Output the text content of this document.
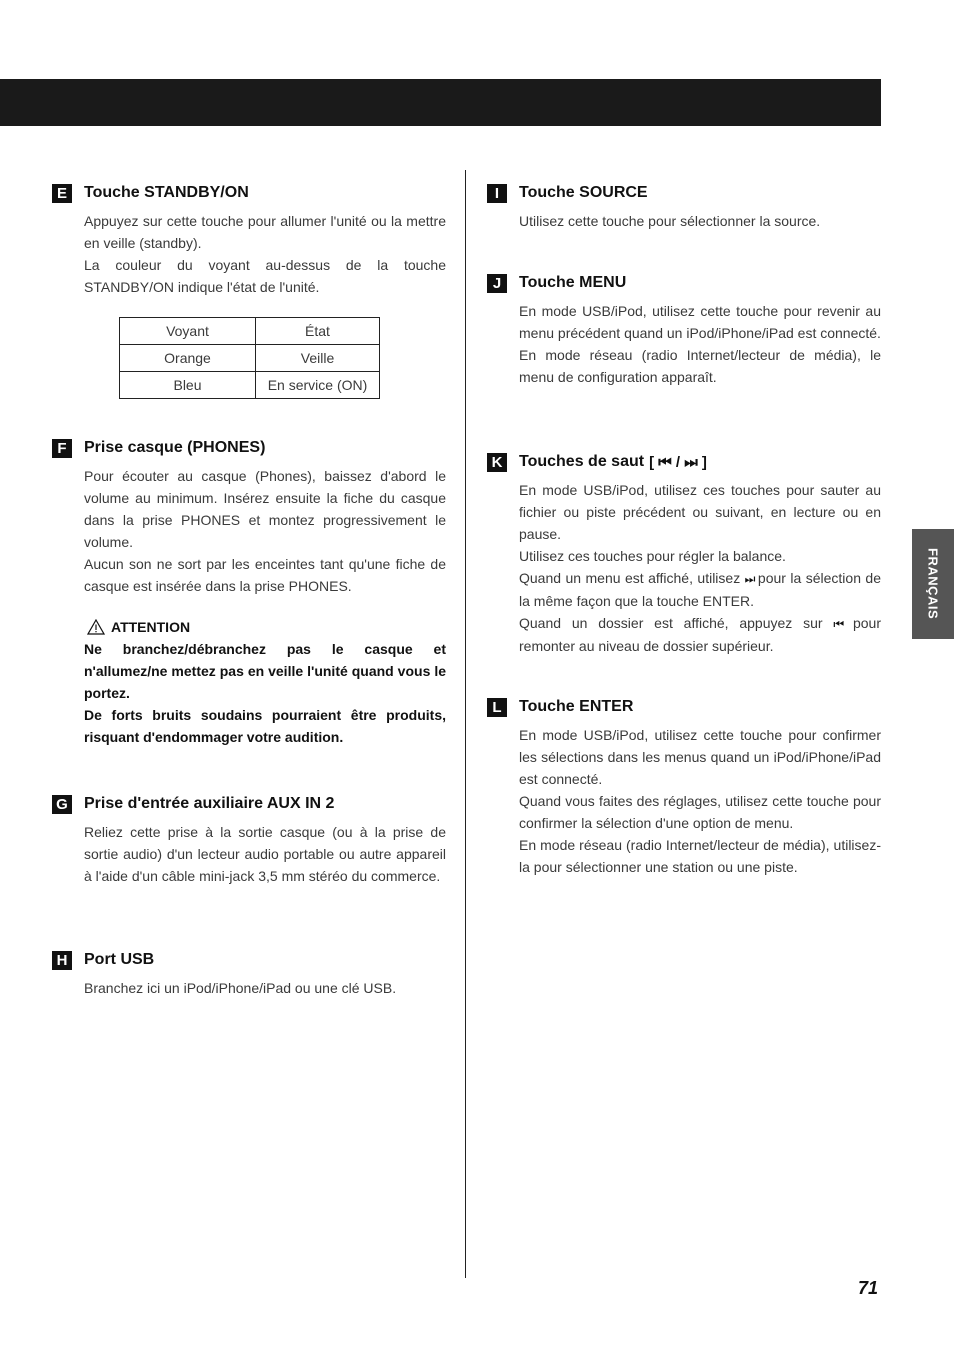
FRANÇAIS
E	Touche STANDBY/ON

Appuyez sur cette touche pour allumer l'unité ou la mettre en veille (standby).

La couleur du voyant au-dessus de la touche STANDBY/ON indique l'état de l'unité.

Voyant	État
Orange	Veille
Bleu	En service (ON)
F	Prise casque (PHONES)

Pour écouter au casque (Phones), baissez d'abord le volume au minimum. Insérez ensuite la fiche du casque dans la prise PHONES et montez progressivement le volume.

Aucun son ne sort par les enceintes tant qu'une fiche de casque est insérée dans la prise PHONES.

ATTENTION

Ne branchez/débranchez pas le casque et n'allumez/ne mettez pas en veille l'unité quand vous le portez.

De forts bruits soudains pourraient être produits, risquant d'endommager votre audition.

G Prise d'entrée auxiliaire AUX IN 2

Reliez cette prise à la sortie casque (ou à la prise de sortie audio) d'un lecteur audio portable ou autre appareil à l'aide d'un câble mini-jack 3,5 mm stéréo du commerce.

H Port USB

Branchez ici un iPod/iPhone/iPad ou une clé USB.

I	Touche SOURCE

Utilisez cette touche pour sélectionner la source.

J	Touche MENU

En mode USB/iPod, utilisez cette touche pour revenir au menu précédent quand un iPod/iPhone/iPad est connecté.

En mode réseau (radio Internet/lecteur de média), le menu de configuration apparaît.

K Touches de saut [ ⏮ / ⏭ ]

En mode USB/iPod, utilisez ces touches pour sauter au fichier ou piste précédent ou suivant, en lecture ou en pause.

Utilisez ces touches pour régler la balance.

Quand un menu est affiché, utilisez ⏭ pour la sélection de la même façon que la touche ENTER.

Quand un dossier est affiché, appuyez sur ⏮ pour remonter au niveau de dossier supérieur.

L	Touche ENTER

En mode USB/iPod, utilisez cette touche pour confirmer les sélections dans les menus quand un iPod/iPhone/iPad est connecté.

Quand vous faites des réglages, utilisez cette touche pour confirmer la sélection d'une option de menu.

En mode réseau (radio Internet/lecteur de média), utilisez-la pour sélectionner une station ou une piste.

71
